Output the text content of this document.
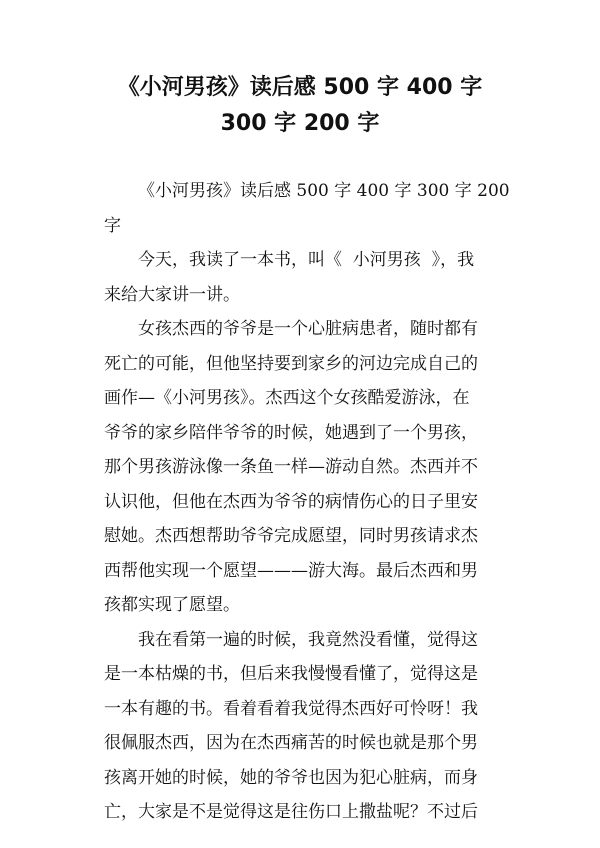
《小河男孩》读后感 500 字 400 字
300 字 200 字
《小河男孩》读后感 500 字 400 字 300 字 200
字
今天，我读了一本书，叫《  小河男孩  》，我
来给大家讲一讲。
女孩杰西的爷爷是一个心脏病患者，随时都有
死亡的可能，但他坚持要到家乡的河边完成自己的
画作—《小河男孩》。杰西这个女孩酷爱游泳，在
爷爷的家乡陪伴爷爷的时候，她遇到了一个男孩，
那个男孩游泳像一条鱼一样—游动自然。杰西并不
认识他，但他在杰西为爷爷的病情伤心的日子里安
慰她。杰西想帮助爷爷完成愿望，同时男孩请求杰
西帮他实现一个愿望———游大海。最后杰西和男
孩都实现了愿望。
我在看第一遍的时候，我竟然没看懂，觉得这
是一本枯燥的书，但后来我慢慢看懂了，觉得这是
一本有趣的书。看着看着我觉得杰西好可怜呀！我
很佩服杰西，因为在杰西痛苦的时候也就是那个男
孩离开她的时候，她的爷爷也因为犯心脏病，而身
亡，大家是不是觉得这是往伤口上撒盐呢？不过后
